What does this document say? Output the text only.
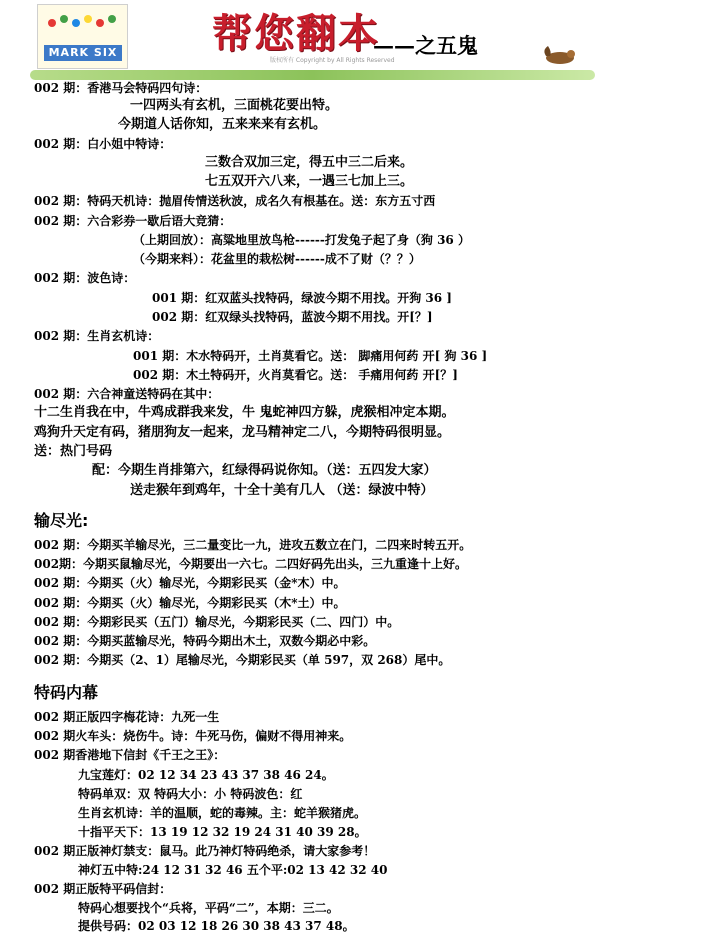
MARK SIX 帮您翻本
——之五鬼
版权所有 Copyright by All Rights Reserved
002 期：香港马会特码四句诗：
一四两头有玄机，三面桃花要出特。
今期道人话你知，五来来来有玄机。
002 期：白小姐中特诗：
三数合双加三定，得五中三二后来。
七五双开六八来，一遇三七加上三。
002 期：特码天机诗：抛眉传情送秋波，成名久有根基在。送：东方五寸西
002 期：六合彩券一歇后语大竞猜：
（上期回放）：高粱地里放鸟枪------打发兔子起了身（狗 36 ）
（今期来料）：花盆里的栽松树------成不了财（？？）
002 期：波色诗：
001 期：红双蓝头找特码，绿波今期不用找。开狗 36 ]
002 期：红双绿头找特码，蓝波今期不用找。开[？]
002 期：生肖玄机诗：
001 期：木水特码开，土肖莫看它。送： 脚痛用何药 开[ 狗 36 ]
002 期：木土特码开，火肖莫看它。送： 手痛用何药 开[？]
002 期：六合神童送特码在其中：
十二生肖我在中，牛鸡成群我来发，牛 鬼蛇神四方躲，虎猴相冲定本期。
鸡狗升天定有码，猪朋狗友一起来，龙马精神定二八，今期特码很明显。
送：热门号码
配：今期生肖排第六，红绿得码说你知。（送：五四发大家）
送走猴年到鸡年，十全十美有几人 （送：绿波中特）
输尽光:
002 期：今期买羊输尽光，三二量变比一九，进攻五数立在门，二四来时转五开。
002期：今期买鼠输尽光，今期要出一六七。二四好码先出头，三九重逢十上好。
002 期：今期买（火）输尽光，今期彩民买（金*木）中。
002 期：今期买（火）输尽光，今期彩民买（木*土）中。
002 期：今期彩民买（五门）输尽光，今期彩民买（二、四门）中。
002 期：今期买蓝输尽光，特码今期出木土，双数今期必中彩。
002 期：今期买（2、1）尾输尽光，今期彩民买（单 597，双 268）尾中。
特码内幕
002 期正版四字梅花诗：九死一生
002 期火车头：烧伤牛。诗：牛死马伤，偏财不得用神来。
002 期香港地下信封《千王之王》：
九宝莲灯：02 12 34 23 43 37 38 46 24。
特码单双：双 特码大小：小 特码波色：红
生肖玄机诗：羊的温顺，蛇的毒辣。主：蛇羊猴猪虎。
十指平天下：13 19 12 32 19 24 31 40 39 28。
002 期正版神灯禁支：鼠马。此乃神灯特码绝杀，请大家参考！
神灯五中特:24 12 31 32 46 五个平:02 13 42 32 40
002 期正版特平码信封：
特码心想要找个“兵将，平码“二”，本期：三二。
提供号码：02 03 12 18 26 30 38 43 37 48。
